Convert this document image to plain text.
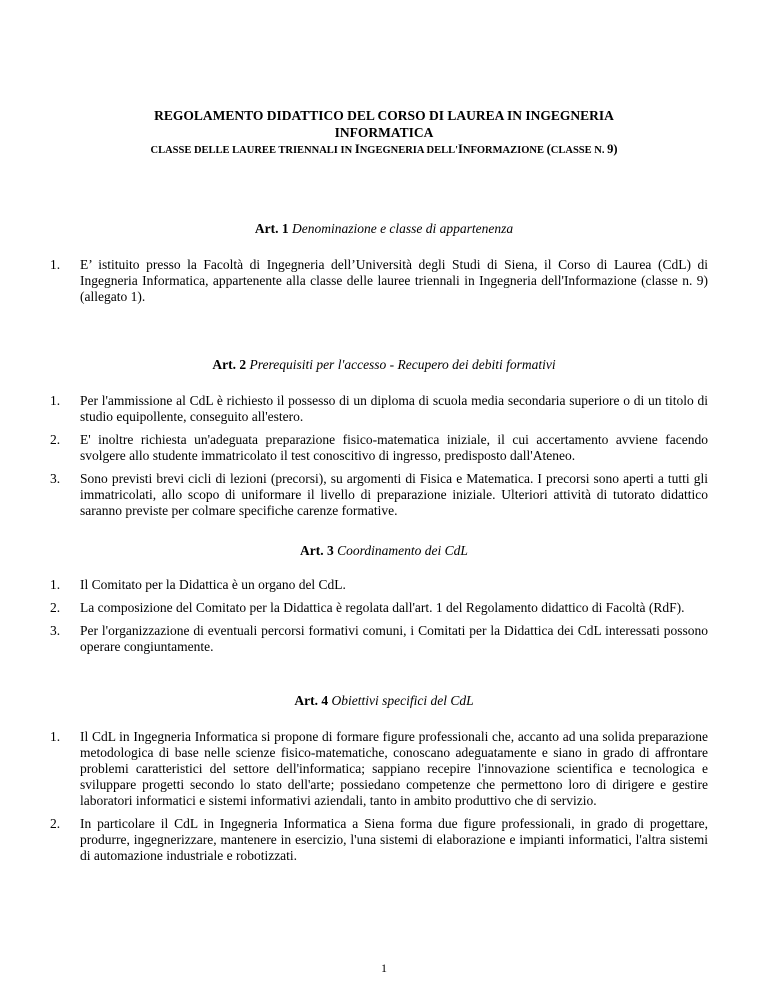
REGOLAMENTO DIDATTICO DEL CORSO DI LAUREA IN INGEGNERIA
INFORMATICA
CLASSE DELLE LAUREE TRIENNALI IN INGEGNERIA DELL'INFORMAZIONE (CLASSE N. 9)
Art. 1 Denominazione e classe di appartenenza
1. E’ istituito presso la Facoltà di Ingegneria dell’Università degli Studi di Siena, il Corso di Laurea (CdL) di Ingegneria Informatica, appartenente alla classe delle lauree triennali in Ingegneria dell'Informazione (classe n. 9) (allegato 1).
Art. 2 Prerequisiti per l'accesso - Recupero dei debiti formativi
1. Per l'ammissione al CdL è richiesto il possesso di un diploma di scuola media secondaria superiore o di un titolo di studio equipollente, conseguito all'estero.
2. E' inoltre richiesta un'adeguata preparazione fisico-matematica iniziale, il cui accertamento avviene facendo svolgere allo studente immatricolato il test conoscitivo di ingresso, predisposto dall'Ateneo.
3. Sono previsti brevi cicli di lezioni (precorsi), su argomenti di Fisica e Matematica. I precorsi sono aperti a tutti gli immatricolati, allo scopo di uniformare il livello di preparazione iniziale. Ulteriori attività di tutorato didattico saranno previste per colmare specifiche carenze formative.
Art. 3 Coordinamento dei CdL
1. Il Comitato per la Didattica è un organo del CdL.
2. La composizione del Comitato per la Didattica è regolata dall'art. 1 del Regolamento didattico di Facoltà (RdF).
3. Per l'organizzazione di eventuali percorsi formativi comuni, i Comitati per la Didattica dei CdL interessati possono operare congiuntamente.
Art. 4 Obiettivi specifici del CdL
1. Il CdL in Ingegneria Informatica si propone di formare figure professionali che, accanto ad una solida preparazione metodologica di base nelle scienze fisico-matematiche, conoscano adeguatamente e siano in grado di affrontare problemi caratteristici del settore dell'informatica; sappiano recepire l'innovazione scientifica e tecnologica e sviluppare progetti secondo lo stato dell'arte; possiedano competenze che permettono loro di dirigere e gestire laboratori informatici e sistemi informativi aziendali, tanto in ambito produttivo che di servizio.
2. In particolare il CdL in Ingegneria Informatica a Siena forma due figure professionali, in grado di progettare, produrre, ingegnerizzare, mantenere in esercizio, l'una sistemi di elaborazione e impianti informatici, l'altra sistemi di automazione industriale e robotizzati.
1
